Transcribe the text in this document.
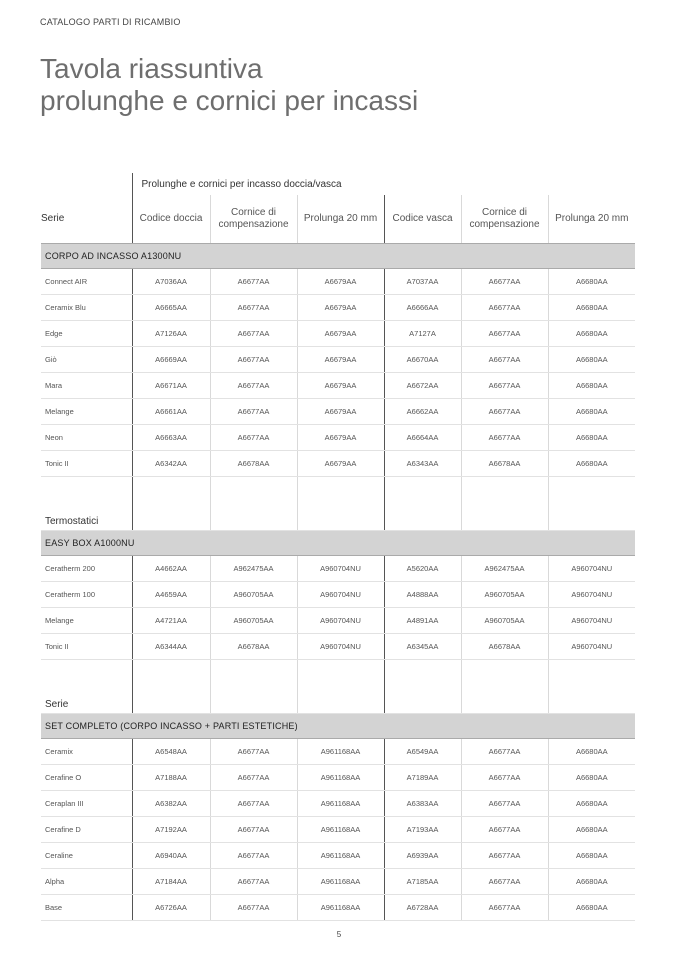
CATALOGO PARTI DI RICAMBIO
Tavola riassuntiva
prolunghe e cornici per incassi
	Prolunghe e cornici per incasso doccia/vasca					
Serie	Codice doccia	Cornice di compensazione	Prolunga 20 mm	Codice vasca	Cornice di compensazione	Prolunga 20 mm
CORPO AD INCASSO A1300NU						
Connect AIR	A7036AA	A6677AA	A6679AA	A7037AA	A6677AA	A6680AA
Ceramix Blu	A6665AA	A6677AA	A6679AA	A6666AA	A6677AA	A6680AA
Edge	A7126AA	A6677AA	A6679AA	A7127A	A6677AA	A6680AA
Giò	A6669AA	A6677AA	A6679AA	A6670AA	A6677AA	A6680AA
Mara	A6671AA	A6677AA	A6679AA	A6672AA	A6677AA	A6680AA
Melange	A6661AA	A6677AA	A6679AA	A6662AA	A6677AA	A6680AA
Neon	A6663AA	A6677AA	A6679AA	A6664AA	A6677AA	A6680AA
Tonic II	A6342AA	A6678AA	A6679AA	A6343AA	A6678AA	A6680AA
Termostatici						
EASY BOX A1000NU						
Ceratherm 200	A4662AA	A962475AA	A960704NU	A5620AA	A962475AA	A960704NU
Ceratherm 100	A4659AA	A960705AA	A960704NU	A4888AA	A960705AA	A960704NU
Melange	A4721AA	A960705AA	A960704NU	A4891AA	A960705AA	A960704NU
Tonic II	A6344AA	A6678AA	A960704NU	A6345AA	A6678AA	A960704NU
Serie						
SET COMPLETO (CORPO INCASSO + PARTI ESTETICHE)						
Ceramix	A6548AA	A6677AA	A961168AA	A6549AA	A6677AA	A6680AA
Cerafine O	A7188AA	A6677AA	A961168AA	A7189AA	A6677AA	A6680AA
Ceraplan III	A6382AA	A6677AA	A961168AA	A6383AA	A6677AA	A6680AA
Cerafine D	A7192AA	A6677AA	A961168AA	A7193AA	A6677AA	A6680AA
Ceraline	A6940AA	A6677AA	A961168AA	A6939AA	A6677AA	A6680AA
Alpha	A7184AA	A6677AA	A961168AA	A7185AA	A6677AA	A6680AA
Base	A6726AA	A6677AA	A961168AA	A6728AA	A6677AA	A6680AA
5
